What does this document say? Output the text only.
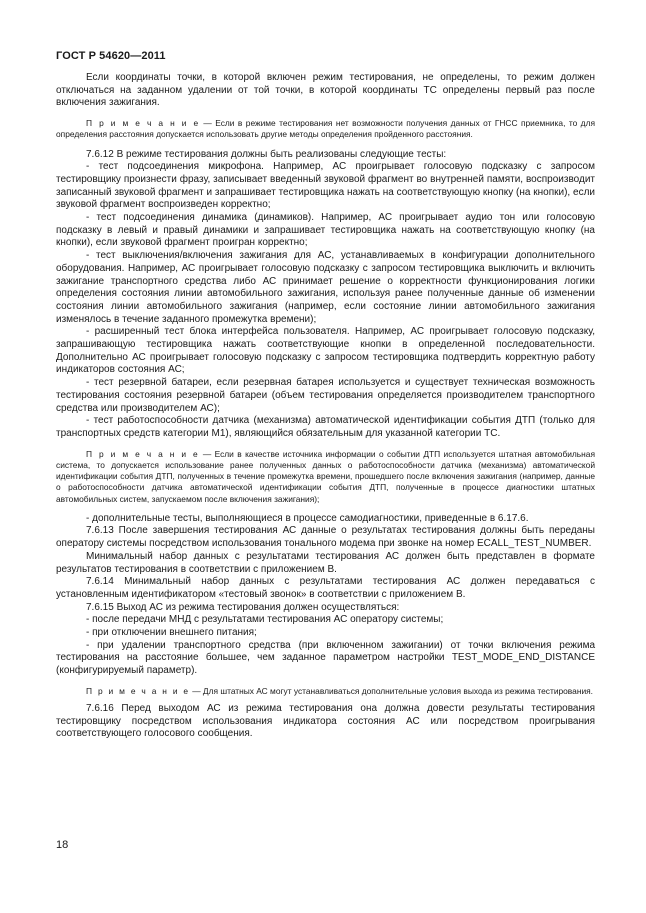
ГОСТ Р 54620—2011

Если координаты точки, в которой включен режим тестирования, не определены, то режим должен отключаться на заданном удалении от той точки, в которой координаты ТС определены первый раз после включения зажигания.

П р и м е ч а н и е — Если в режиме тестирования нет возможности получения данных от ГНСС приемника, то для определения расстояния допускается использовать другие методы определения пройденного расстояния.

7.6.12 В режиме тестирования должны быть реализованы следующие тесты:

- тест подсоединения микрофона. Например, АС проигрывает голосовую подсказку с запросом тестировщику произнести фразу, записывает введенный звуковой фрагмент во внутренней памяти, воспроизводит записанный звуковой фрагмент и запрашивает тестировщика нажать на соответствующую кнопку (на кнопки), если звуковой фрагмент воспроизведен корректно;

- тест подсоединения динамика (динамиков). Например, АС проигрывает аудио тон или голосовую подсказку в левый и правый динамики и запрашивает тестировщика нажать на соответствующую кнопку (на кнопки), если звуковой фрагмент проигран корректно;

- тест выключения/включения зажигания для АС, устанавливаемых в конфигурации дополнительного оборудования. Например, АС проигрывает голосовую подсказку с запросом тестировщика выключить и включить зажигание транспортного средства либо АС принимает решение о корректности функционирования логики определения состояния линии автомобильного зажигания, используя ранее полученные данные об изменении состояния линии автомобильного зажигания (например, если состояние линии автомобильного зажигания изменялось в течение заданного промежутка времени);

- расширенный тест блока интерфейса пользователя. Например, АС проигрывает голосовую подсказку, запрашивающую тестировщика нажать соответствующие кнопки в определенной последовательности. Дополнительно АС проигрывает голосовую подсказку с запросом тестировщика подтвердить корректную работу индикаторов состояния АС;

- тест резервной батареи, если резервная батарея используется и существует техническая возможность тестирования состояния резервной батареи (объем тестирования определяется производителем транспортного средства или производителем АС);

- тест работоспособности датчика (механизма) автоматической идентификации события ДТП (только для транспортных средств категории М1), являющийся обязательным для указанной категории ТС.

П р и м е ч а н и е — Если в качестве источника информации о событии ДТП используется штатная автомобильная система, то допускается использование ранее полученных данных о работоспособности датчика (механизма) автоматической идентификации события ДТП, полученных в течение промежутка времени, прошедшего после включения зажигания (например, данные о работоспособности датчика автоматической идентификации события ДТП, полученные в процессе диагностики штатных автомобильных систем, запускаемом после включения зажигания);

- дополнительные тесты, выполняющиеся в процессе самодиагностики, приведенные в 6.17.6.

7.6.13 После завершения тестирования АС данные о результатах тестирования должны быть переданы оператору системы посредством использования тонального модема при звонке на номер ECALL_TEST_NUMBER.

Минимальный набор данных с результатами тестирования АС должен быть представлен в формате результатов тестирования в соответствии с приложением В.

7.6.14 Минимальный набор данных с результатами тестирования АС должен передаваться с установленным идентификатором «тестовый звонок» в соответствии с приложением В.

7.6.15 Выход АС из режима тестирования должен осуществляться:

- после передачи МНД с результатами тестирования АС оператору системы;

- при отключении внешнего питания;

- при удалении транспортного средства (при включенном зажигании) от точки включения режима тестирования на расстояние большее, чем заданное параметром настройки TEST_MODE_END_DISTANCE (конфигурируемый параметр).

П р и м е ч а н и е — Для штатных АС могут устанавливаться дополнительные условия выхода из режима тестирования.

7.6.16 Перед выходом АС из режима тестирования она должна довести результаты тестирования тестировщику посредством использования индикатора состояния АС или посредством проигрывания соответствующего голосового сообщения.

18
